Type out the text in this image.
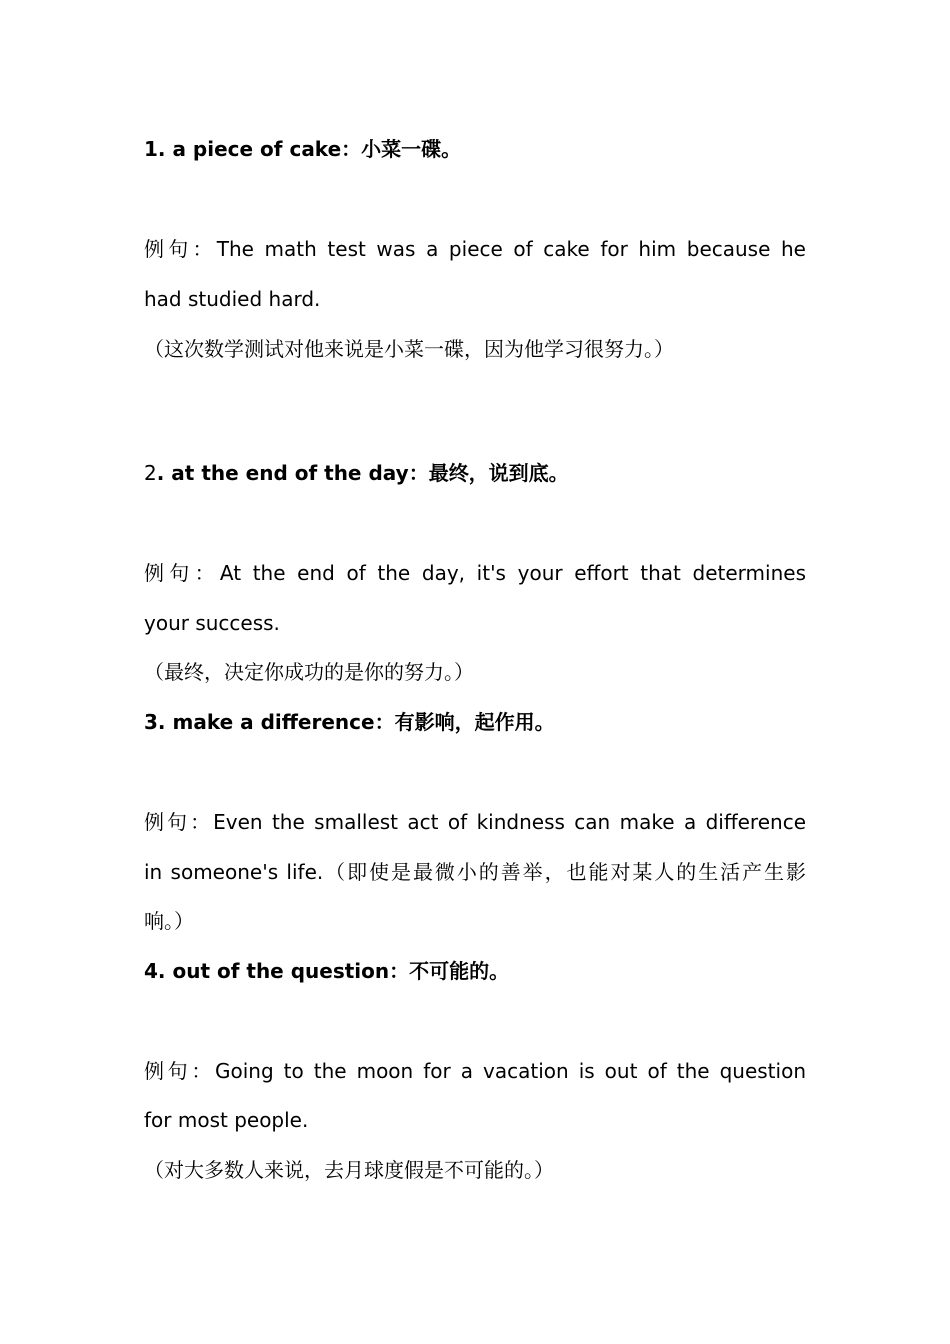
1. a piece of cake：小菜一碟。
例句：The math test was a piece of cake for him because he
had studied hard.
（这次数学测试对他来说是小菜一碟，因为他学习很努力。）
2. at the end of the day：最终，说到底。
例句：At the end of the day, it's your effort that determines
your success.
（最终，决定你成功的是你的努力。）
3. make a difference：有影响，起作用。
例句：Even the smallest act of kindness can make a difference
in someone's life.（即使是最微小的善举，也能对某人的生活产生影
响。）
4. out of the question：不可能的。
例句：Going to the moon for a vacation is out of the question
for most people.
（对大多数人来说，去月球度假是不可能的。）
